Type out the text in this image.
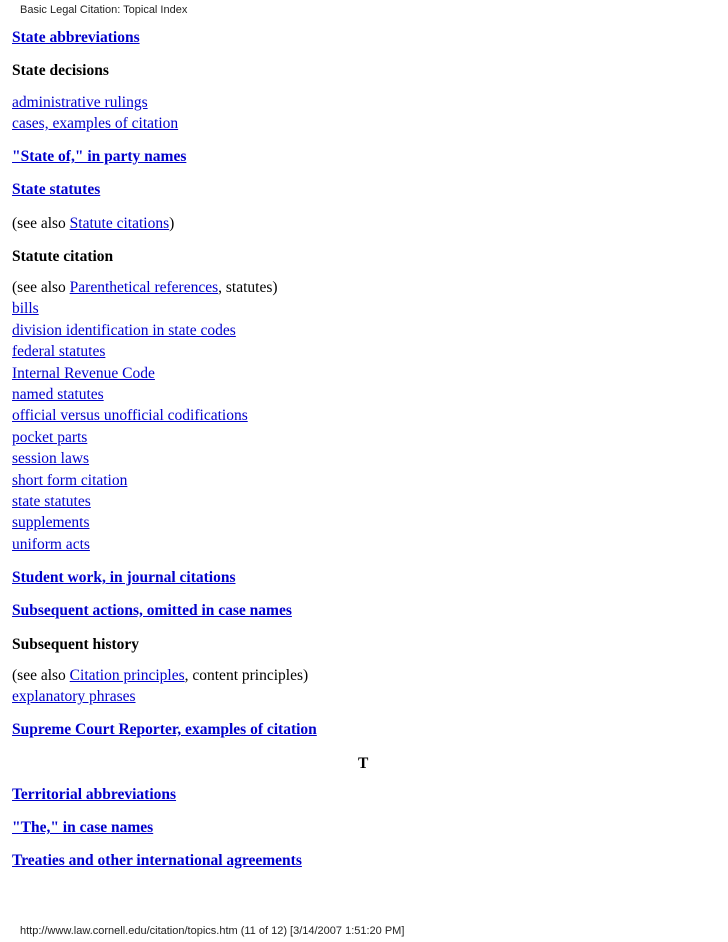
Basic Legal Citation: Topical Index
State abbreviations
State decisions
administrative rulings
cases, examples of citation
"State of," in party names
State statutes
(see also Statute citations)
Statute citation
(see also Parenthetical references, statutes)
bills
division identification in state codes
federal statutes
Internal Revenue Code
named statutes
official versus unofficial codifications
pocket parts
session laws
short form citation
state statutes
supplements
uniform acts
Student work, in journal citations
Subsequent actions, omitted in case names
Subsequent history
(see also Citation principles, content principles)
explanatory phrases
Supreme Court Reporter, examples of citation
T
Territorial abbreviations
"The," in case names
Treaties and other international agreements
http://www.law.cornell.edu/citation/topics.htm (11 of 12) [3/14/2007 1:51:20 PM]
